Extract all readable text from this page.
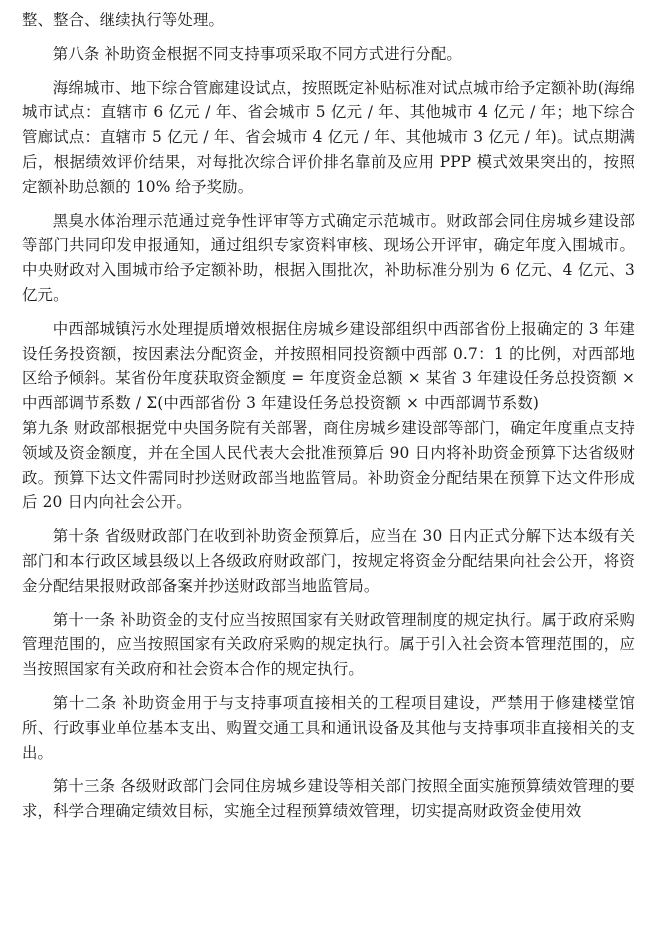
整、整合、继续执行等处理。

第八条 补助资金根据不同支持事项采取不同方式进行分配。

海绵城市、地下综合管廊建设试点，按照既定补贴标准对试点城市给予定额补助(海绵城市试点：直辖市 6 亿元 / 年、省会城市 5 亿元 / 年、其他城市 4 亿元 / 年；地下综合管廊试点：直辖市 5 亿元 / 年、省会城市 4 亿元 / 年、其他城市 3 亿元 / 年)。试点期满后，根据绩效评价结果，对每批次综合评价排名靠前及应用 PPP 模式效果突出的，按照定额补助总额的 10% 给予奖励。

黑臭水体治理示范通过竞争性评审等方式确定示范城市。财政部会同住房城乡建设部等部门共同印发申报通知，通过组织专家资料审核、现场公开评审，确定年度入围城市。中央财政对入围城市给予定额补助，根据入围批次，补助标准分别为 6 亿元、4 亿元、3 亿元。

中西部城镇污水处理提质增效根据住房城乡建设部组织中西部省份上报确定的 3 年建设任务投资额，按因素法分配资金，并按照相同投资额中西部 0.7：1 的比例，对西部地区给予倾斜。某省份年度获取资金额度 = 年度资金总额 × 某省 3 年建设任务总投资额 × 中西部调节系数 / Σ(中西部省份 3 年建设任务总投资额 × 中西部调节系数)

第九条 财政部根据党中央国务院有关部署，商住房城乡建设部等部门，确定年度重点支持领域及资金额度，并在全国人民代表大会批准预算后 90 日内将补助资金预算下达省级财政。预算下达文件需同时抄送财政部当地监管局。补助资金分配结果在预算下达文件形成后 20 日内向社会公开。

第十条 省级财政部门在收到补助资金预算后，应当在 30 日内正式分解下达本级有关部门和本行政区域县级以上各级政府财政部门，按规定将资金分配结果向社会公开，将资金分配结果报财政部备案并抄送财政部当地监管局。

第十一条 补助资金的支付应当按照国家有关财政管理制度的规定执行。属于政府采购管理范围的，应当按照国家有关政府采购的规定执行。属于引入社会资本管理范围的，应当按照国家有关政府和社会资本合作的规定执行。

第十二条 补助资金用于与支持事项直接相关的工程项目建设，严禁用于修建楼堂馆所、行政事业单位基本支出、购置交通工具和通讯设备及其他与支持事项非直接相关的支出。

第十三条 各级财政部门会同住房城乡建设等相关部门按照全面实施预算绩效管理的要求，科学合理确定绩效目标，实施全过程预算绩效管理，切实提高财政资金使用效
